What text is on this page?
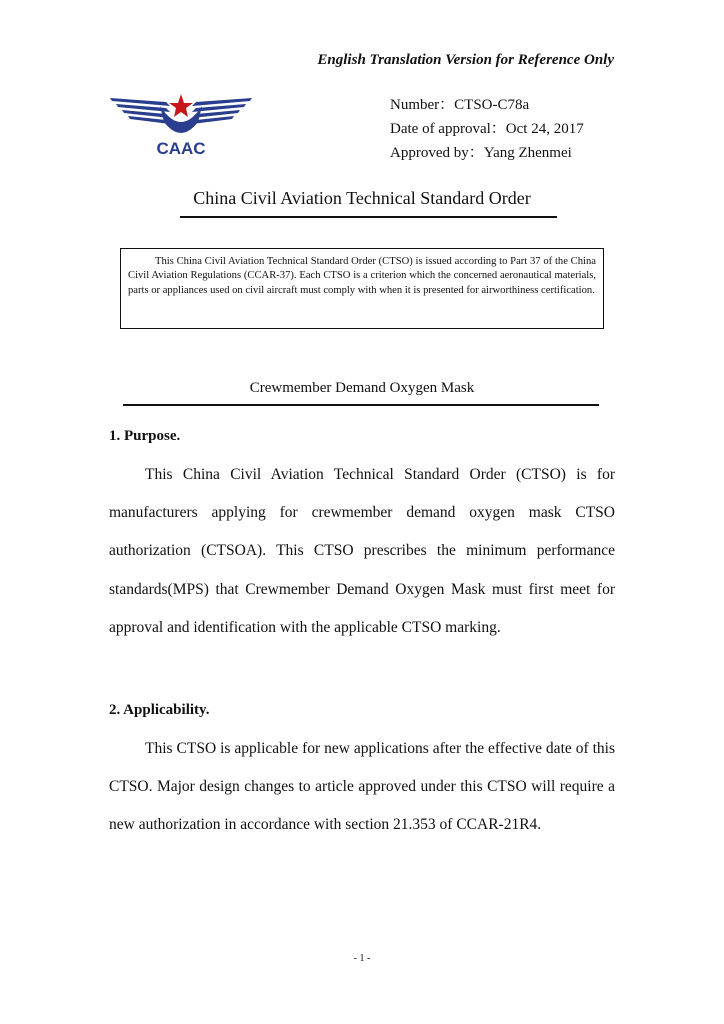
English Translation Version for Reference Only
CAAC
Number：CTSO-C78a
Date of approval：Oct 24, 2017
Approved by：Yang Zhenmei
China Civil Aviation Technical Standard Order
This China Civil Aviation Technical Standard Order (CTSO) is issued according to Part 37 of the China Civil Aviation Regulations (CCAR-37). Each CTSO is a criterion which the concerned aeronautical materials, parts or appliances used on civil aircraft must comply with when it is presented for airworthiness certification.
Crewmember Demand Oxygen Mask
1. Purpose.
This China Civil Aviation Technical Standard Order (CTSO) is for manufacturers applying for crewmember demand oxygen mask CTSO authorization (CTSOA). This CTSO prescribes the minimum performance standards(MPS) that Crewmember Demand Oxygen Mask must first meet for approval and identification with the applicable CTSO marking.
2. Applicability.
This CTSO is applicable for new applications after the effective date of this CTSO. Major design changes to article approved under this CTSO will require a new authorization in accordance with section 21.353 of CCAR-21R4.
- 1 -
